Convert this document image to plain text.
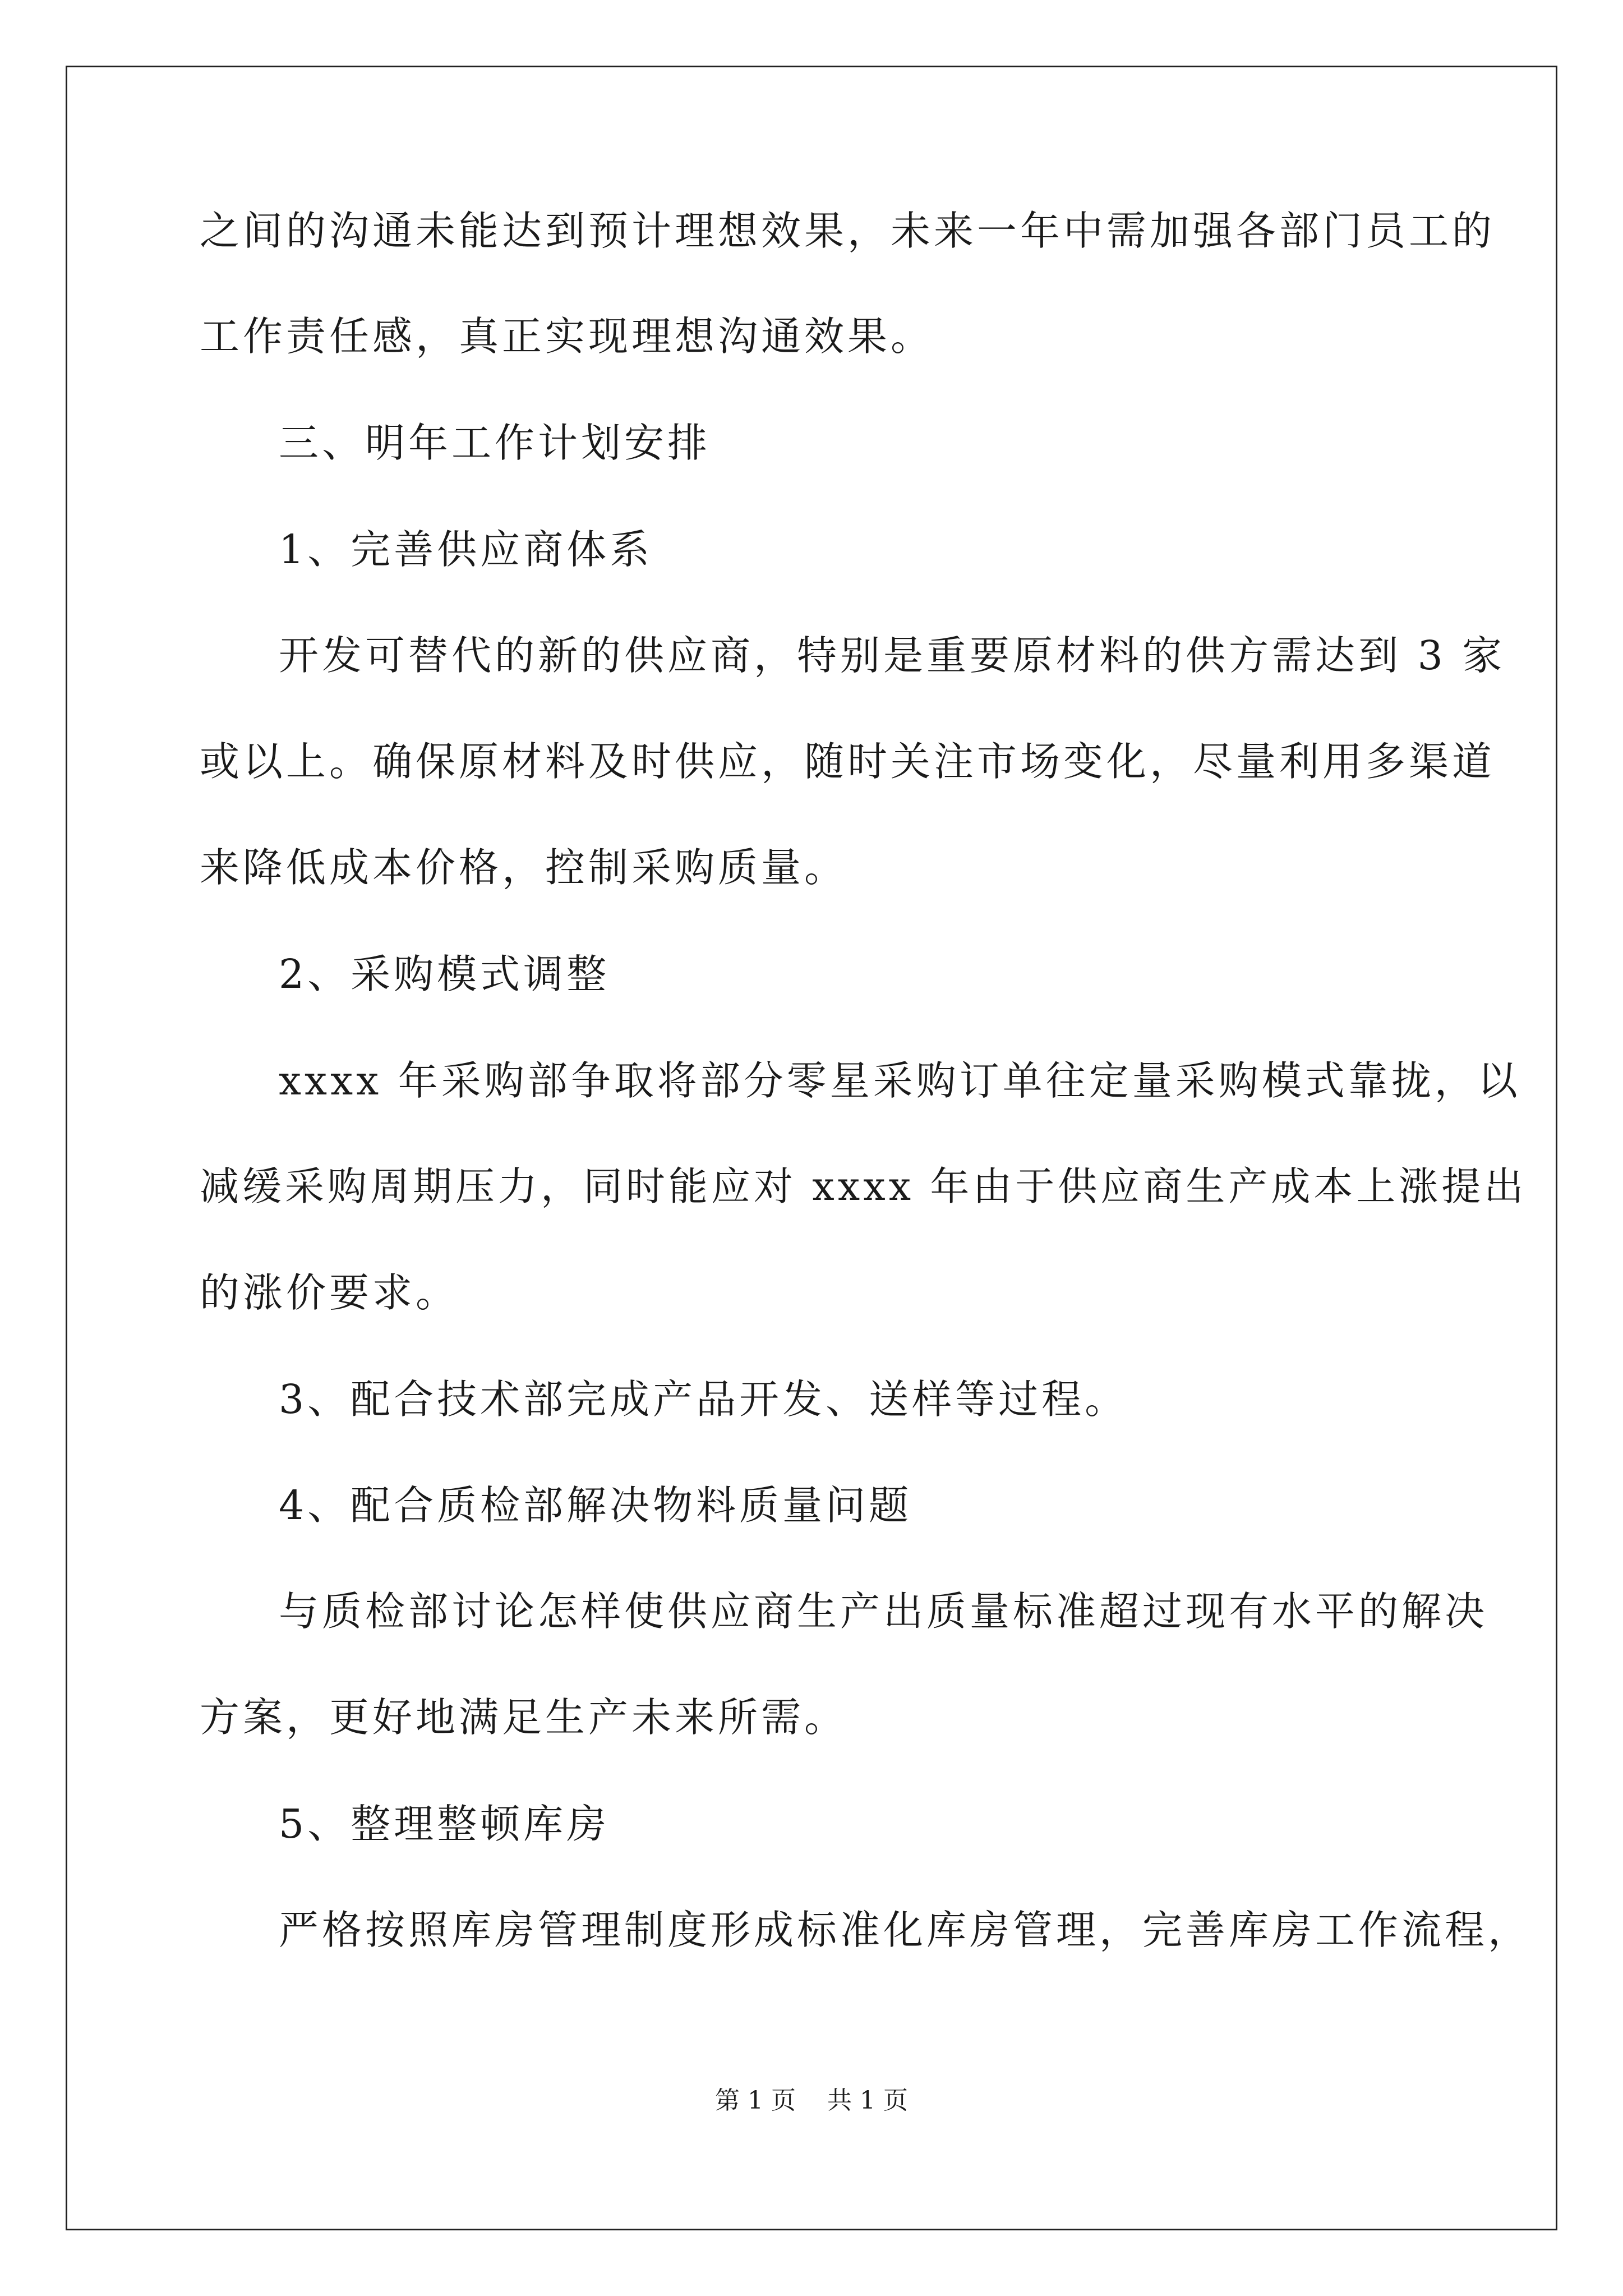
之间的沟通未能达到预计理想效果，未来一年中需加强各部门员工的
工作责任感，真正实现理想沟通效果。
三、明年工作计划安排
1、完善供应商体系
开发可替代的新的供应商，特别是重要原材料的供方需达到 3 家
或以上。确保原材料及时供应，随时关注市场变化，尽量利用多渠道
来降低成本价格，控制采购质量。
2、采购模式调整
xxxx 年采购部争取将部分零星采购订单往定量采购模式靠拢，以
减缓采购周期压力，同时能应对 xxxx 年由于供应商生产成本上涨提出
的涨价要求。
3、配合技术部完成产品开发、送样等过程。
4、配合质检部解决物料质量问题
与质检部讨论怎样使供应商生产出质量标准超过现有水平的解决
方案，更好地满足生产未来所需。
5、整理整顿库房
严格按照库房管理制度形成标准化库房管理，完善库房工作流程，
第 1 页 共 1 页
